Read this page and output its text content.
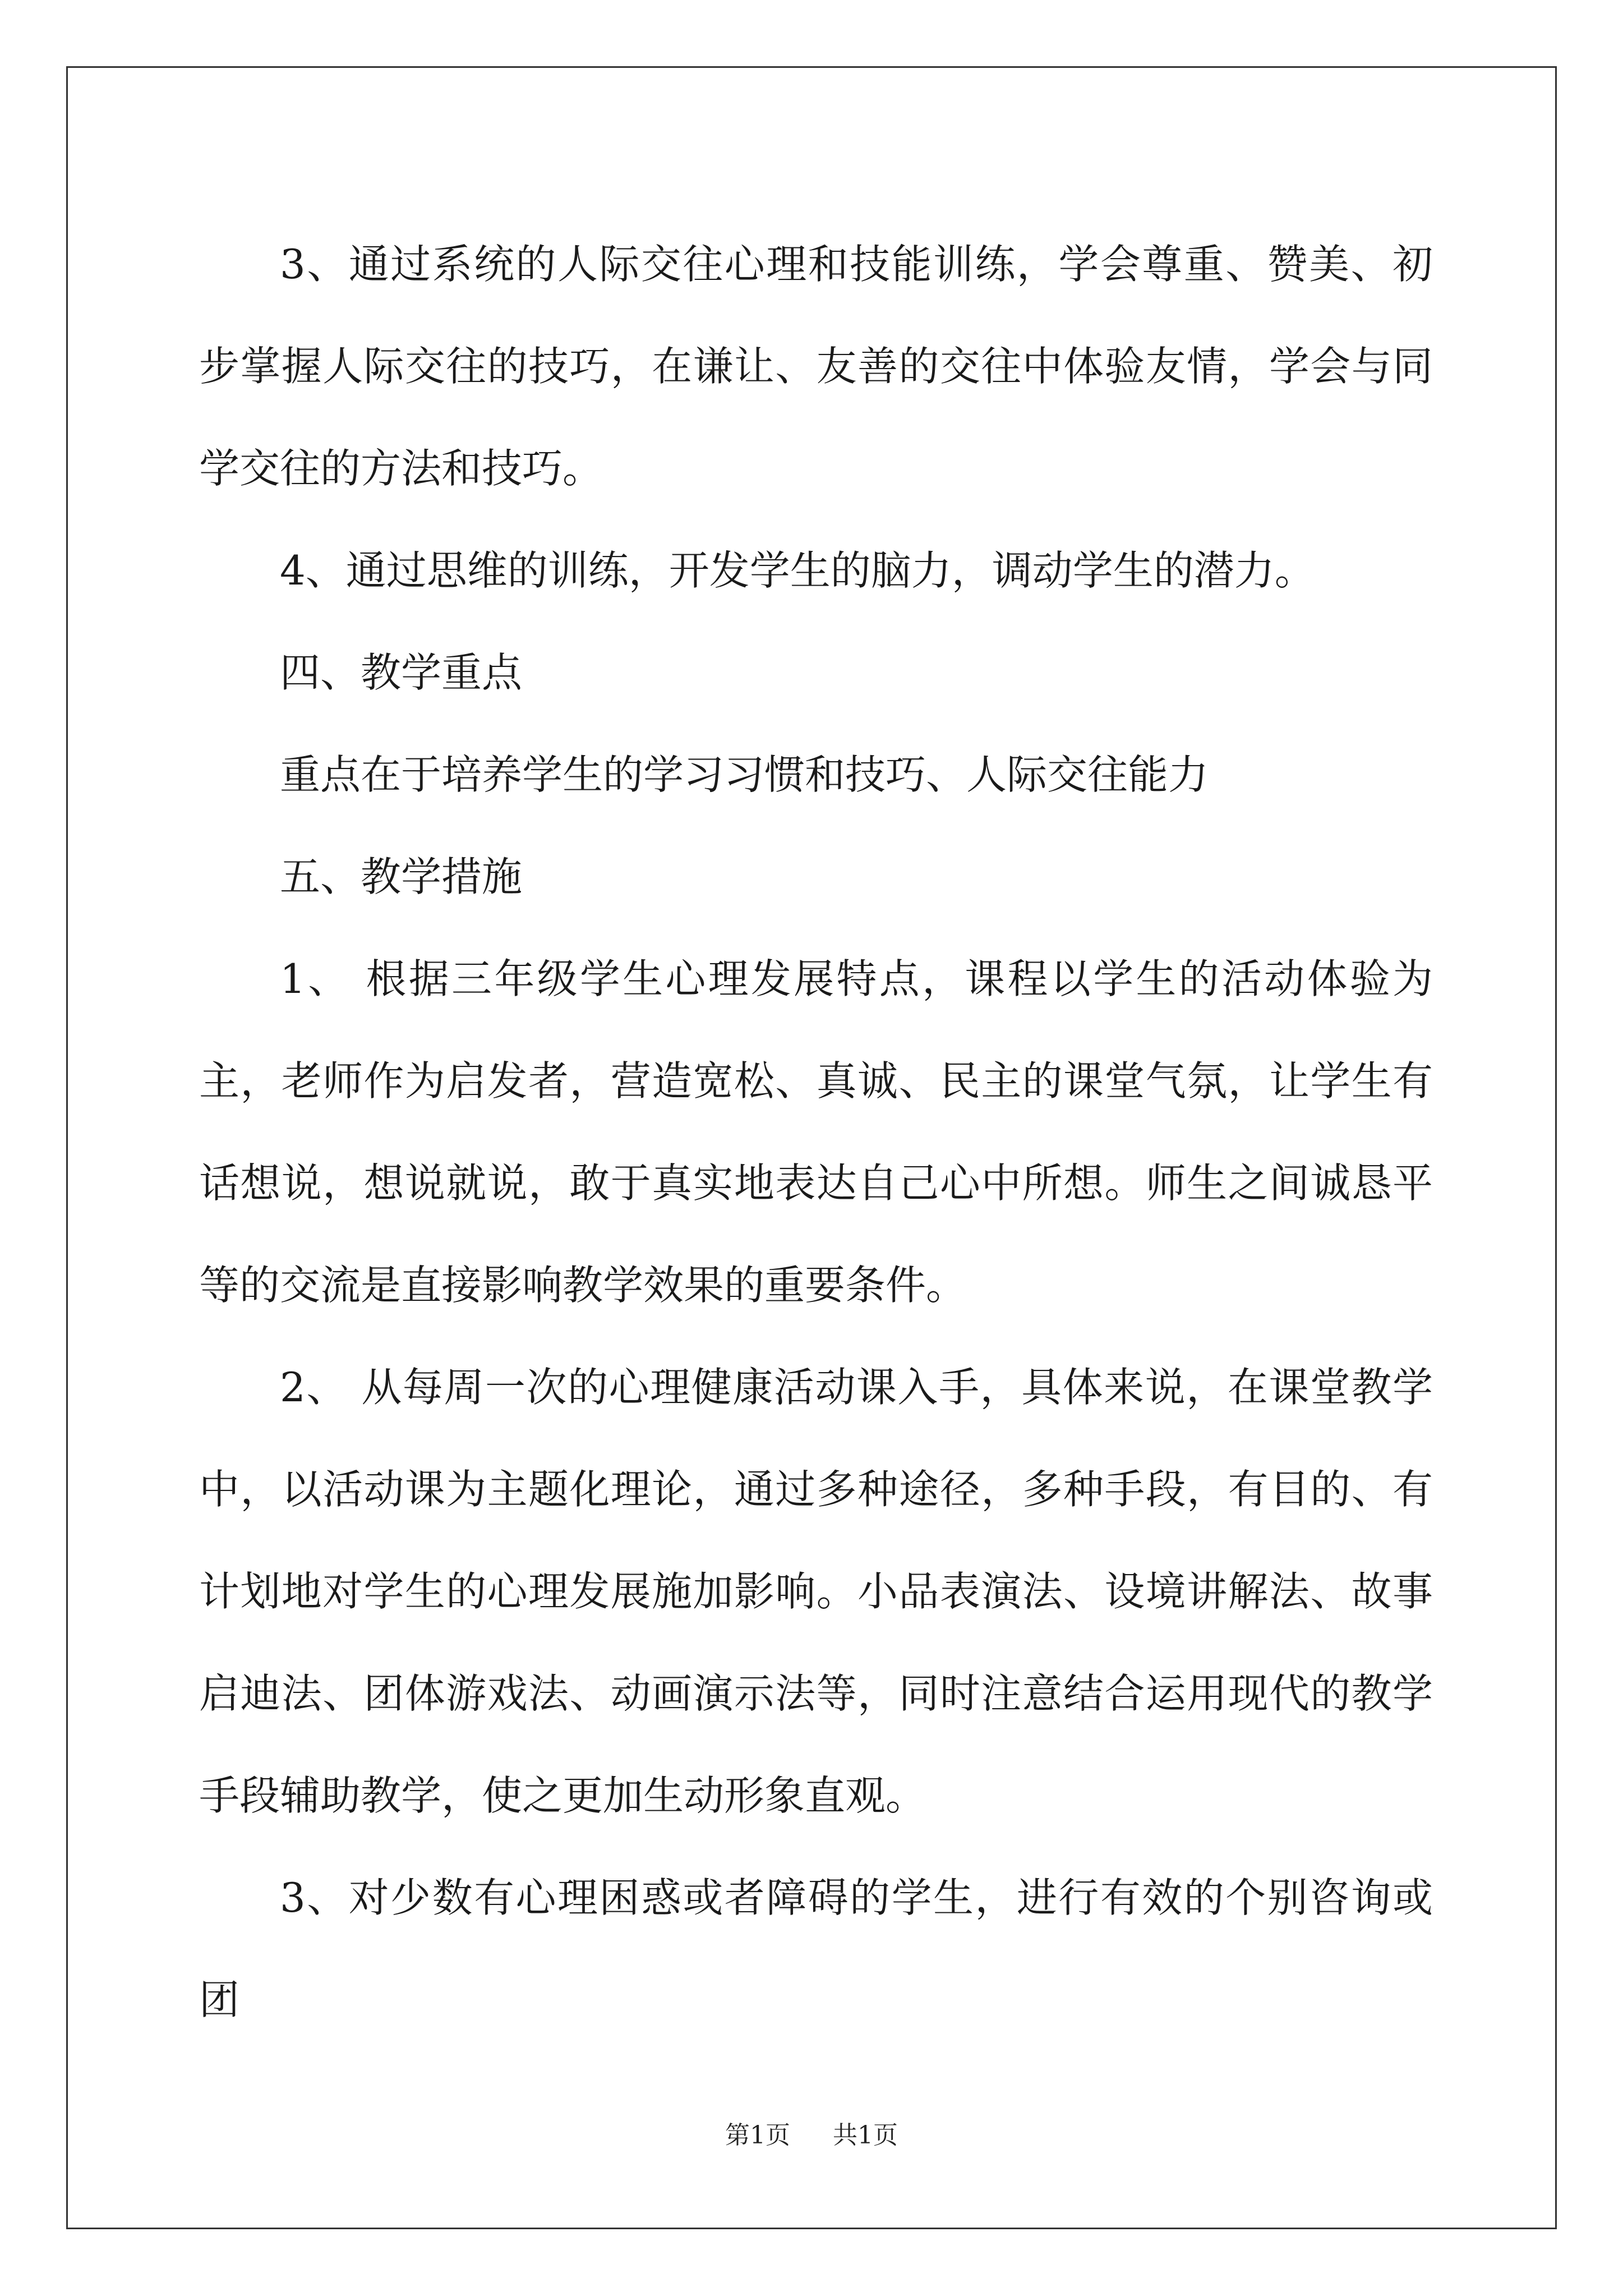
3、通过系统的人际交往心理和技能训练，学会尊重、赞美、初步掌握人际交往的技巧，在谦让、友善的交往中体验友情，学会与同学交往的方法和技巧。

4、通过思维的训练，开发学生的脑力，调动学生的潜力。

四、教学重点

重点在于培养学生的学习习惯和技巧、人际交往能力

五、教学措施

1、 根据三年级学生心理发展特点，课程以学生的活动体验为主，老师作为启发者，营造宽松、真诚、民主的课堂气氛，让学生有话想说，想说就说，敢于真实地表达自己心中所想。师生之间诚恳平等的交流是直接影响教学效果的重要条件。

2、 从每周一次的心理健康活动课入手，具体来说，在课堂教学中，以活动课为主题化理论，通过多种途径，多种手段，有目的、有计划地对学生的心理发展施加影响。小品表演法、设境讲解法、故事启迪法、团体游戏法、动画演示法等，同时注意结合运用现代的教学手段辅助教学，使之更加生动形象直观。

3、对少数有心理困惑或者障碍的学生，进行有效的个别咨询或团

第1页 共1页
